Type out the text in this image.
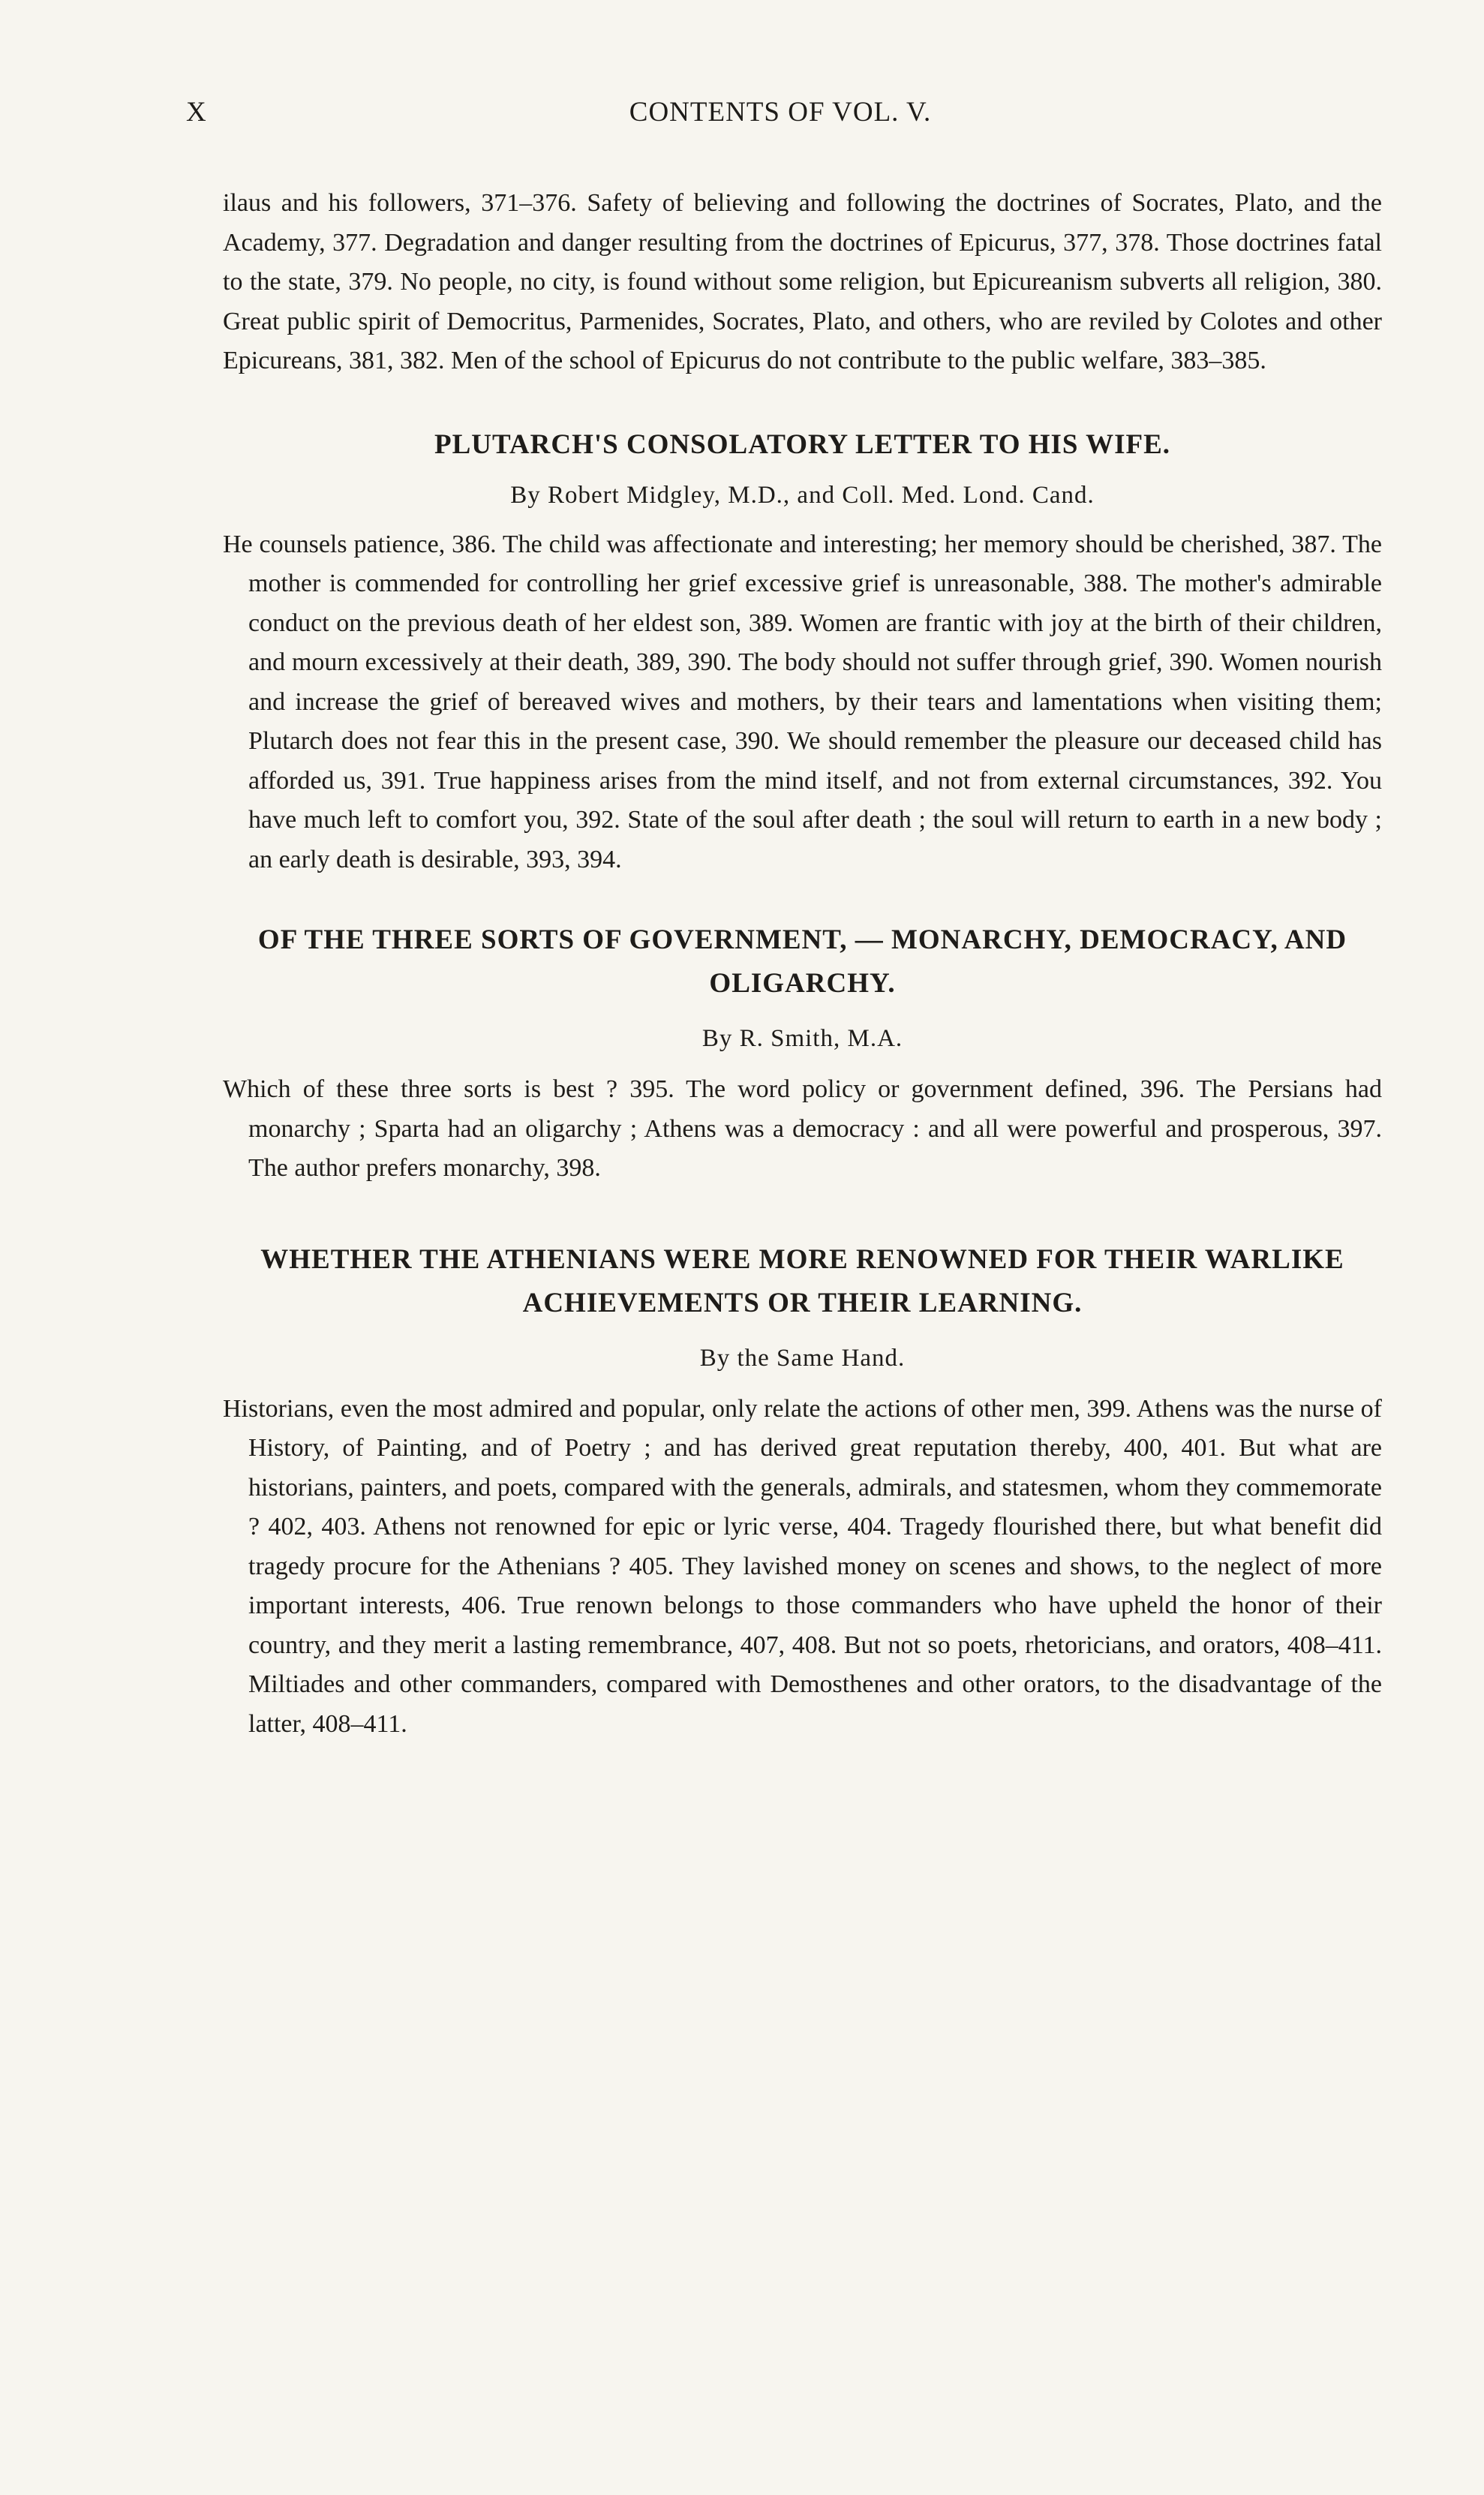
X	CONTENTS OF VOL. V.

ilaus and his followers, 371–376. Safety of believing and following the doctrines of Socrates, Plato, and the Academy, 377. Degradation and danger resulting from the doctrines of Epicurus, 377, 378. Those doctrines fatal to the state, 379. No people, no city, is found without some religion, but Epicureanism subverts all religion, 380. Great public spirit of Democritus, Parmenides, Socrates, Plato, and others, who are reviled by Colotes and other Epicureans, 381, 382. Men of the school of Epicurus do not contribute to the public welfare, 383–385.

PLUTARCH'S CONSOLATORY LETTER TO HIS WIFE.

By Robert Midgley, M.D., and Coll. Med. Lond. Cand.

He counsels patience, 386. The child was affectionate and interesting; her memory should be cherished, 387. The mother is commended for controlling her grief excessive grief is unreasonable, 388. The mother's admirable conduct on the previous death of her eldest son, 389. Women are frantic with joy at the birth of their children, and mourn excessively at their death, 389, 390. The body should not suffer through grief, 390. Women nourish and increase the grief of bereaved wives and mothers, by their tears and lamentations when visiting them; Plutarch does not fear this in the present case, 390. We should remember the pleasure our deceased child has afforded us, 391. True happiness arises from the mind itself, and not from external circumstances, 392. You have much left to comfort you, 392. State of the soul after death ; the soul will return to earth in a new body ; an early death is desirable, 393, 394.

OF THE THREE SORTS OF GOVERNMENT, — MONARCHY, DEMOCRACY, AND OLIGARCHY.

By R. Smith, M.A.

Which of these three sorts is best ? 395. The word policy or government defined, 396. The Persians had monarchy ; Sparta had an oligarchy ; Athens was a democracy : and all were powerful and prosperous, 397. The author prefers monarchy, 398.

WHETHER THE ATHENIANS WERE MORE RENOWNED FOR THEIR WARLIKE ACHIEVEMENTS OR THEIR LEARNING.

By the Same Hand.

Historians, even the most admired and popular, only relate the actions of other men, 399. Athens was the nurse of History, of Painting, and of Poetry ; and has derived great reputation thereby, 400, 401. But what are historians, painters, and poets, compared with the generals, admirals, and statesmen, whom they commemorate ? 402, 403. Athens not renowned for epic or lyric verse, 404. Tragedy flourished there, but what benefit did tragedy procure for the Athenians ? 405. They lavished money on scenes and shows, to the neglect of more important interests, 406. True renown belongs to those commanders who have upheld the honor of their country, and they merit a lasting remembrance, 407, 408. But not so poets, rhetoricians, and orators, 408–411. Miltiades and other commanders, compared with Demosthenes and other orators, to the disadvantage of the latter, 408–411.
